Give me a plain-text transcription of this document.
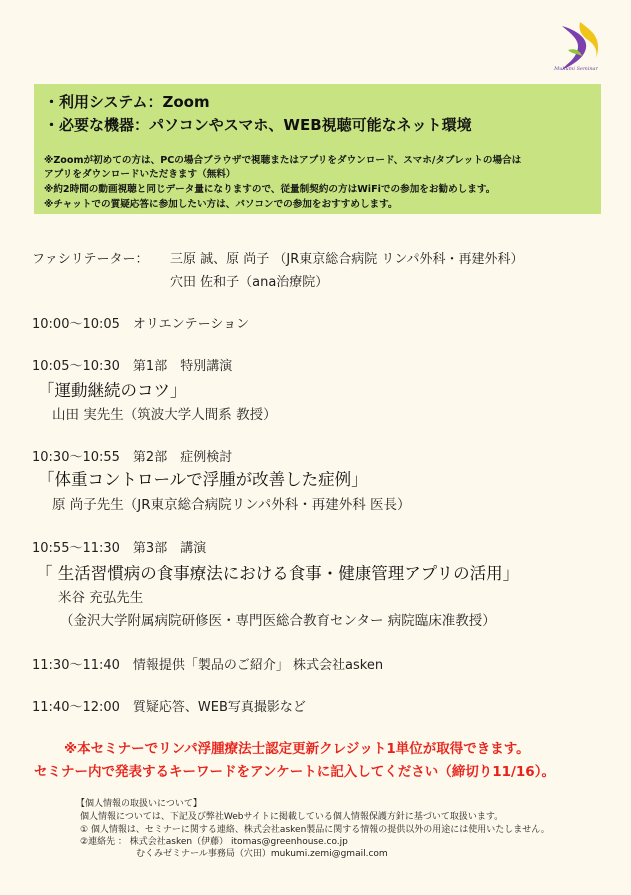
Mukumi Seminar
・利用システム：Zoom
・必要な機器：パソコンやスマホ、WEB視聴可能なネット環境
※Zoomが初めての方は、PCの場合ブラウザで視聴またはアプリをダウンロード、スマホ/タブレットの場合は
アプリをダウンロードいただきます（無料）
※約2時間の動画視聴と同じデータ量になりますので、従量制契約の方はWiFiでの参加をお勧めします。
※チャットでの質疑応答に参加したい方は、パソコンでの参加をおすすめします。
ファシリテーター： 三原 誠、原 尚子 （JR東京総合病院 リンパ外科・再建外科）
穴田 佐和子（ana治療院）
10:00〜10:05　オリエンテーション
10:05〜10:30　第1部　特別講演
「運動継続のコツ」
山田 実先生（筑波大学人間系 教授）
10:30〜10:55　第2部　症例検討
「体重コントロールで浮腫が改善した症例」
原 尚子先生（JR東京総合病院リンパ外科・再建外科 医長）
10:55〜11:30　第3部　講演
「 生活習慣病の食事療法における食事・健康管理アプリの活用」
米谷 充弘先生
（金沢大学附属病院研修医・専門医総合教育センター 病院臨床准教授）
11:30〜11:40　情報提供「製品のご紹介」 株式会社asken
11:40〜12:00　質疑応答、WEB写真撮影など
※本セミナーでリンパ浮腫療法士認定更新クレジット1単位が取得できます。
セミナー内で発表するキーワードをアンケートに記入してください（締切り11/16）。
【個人情報の取扱いについて】
個人情報については、下記及び弊社Webサイトに掲載している個人情報保護方針に基づいて取扱います。
① 個人情報は、セミナーに関する連絡、株式会社asken製品に関する情報の提供以外の用途には使用いたしません。
②連絡先 ： 株式会社asken（伊藤） itomas@greenhouse.co.jp
むくみゼミナール事務局（穴田）mukumi.zemi@gmail.com
